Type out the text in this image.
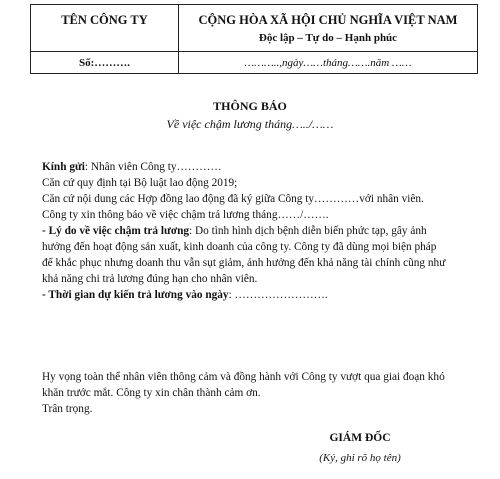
TÊN CÔNG TY	CỘNG HÒA XÃ HỘI CHỦ NGHĨA VIỆT NAM
Độc lập – Tự do – Hạnh phúc
Số:……….	………..,ngày……tháng…….năm ……
THÔNG BÁO
Về việc chậm lương tháng…../……
Kính gửi: Nhân viên Công ty…………
Căn cứ quy định tại Bộ luật lao động 2019;
Căn cứ nội dung các Hợp đồng lao động đã ký giữa Công ty…………với nhân viên.
Công ty xin thông báo về việc chậm trả lương tháng……/…….
- Lý do về việc chậm trả lương: Do tình hình dịch bệnh diễn biến phức tạp, gây ảnh
hưởng đến hoạt động sản xuất, kinh doanh của công ty. Công ty đã dùng mọi biện pháp
để khắc phục nhưng doanh thu vẫn sụt giảm, ảnh hưởng đến khả năng tài chính cũng như
khả năng chi trả lương đúng hạn cho nhân viên.
- Thời gian dự kiến trả lương vào ngày: …………………….
Hy vọng toàn thể nhân viên thông cảm và đồng hành với Công ty vượt qua giai đoạn khó
khăn trước mắt. Công ty xin chân thành cảm ơn.
Trân trọng.
GIÁM ĐỐC
(Ký, ghi rõ họ tên)
